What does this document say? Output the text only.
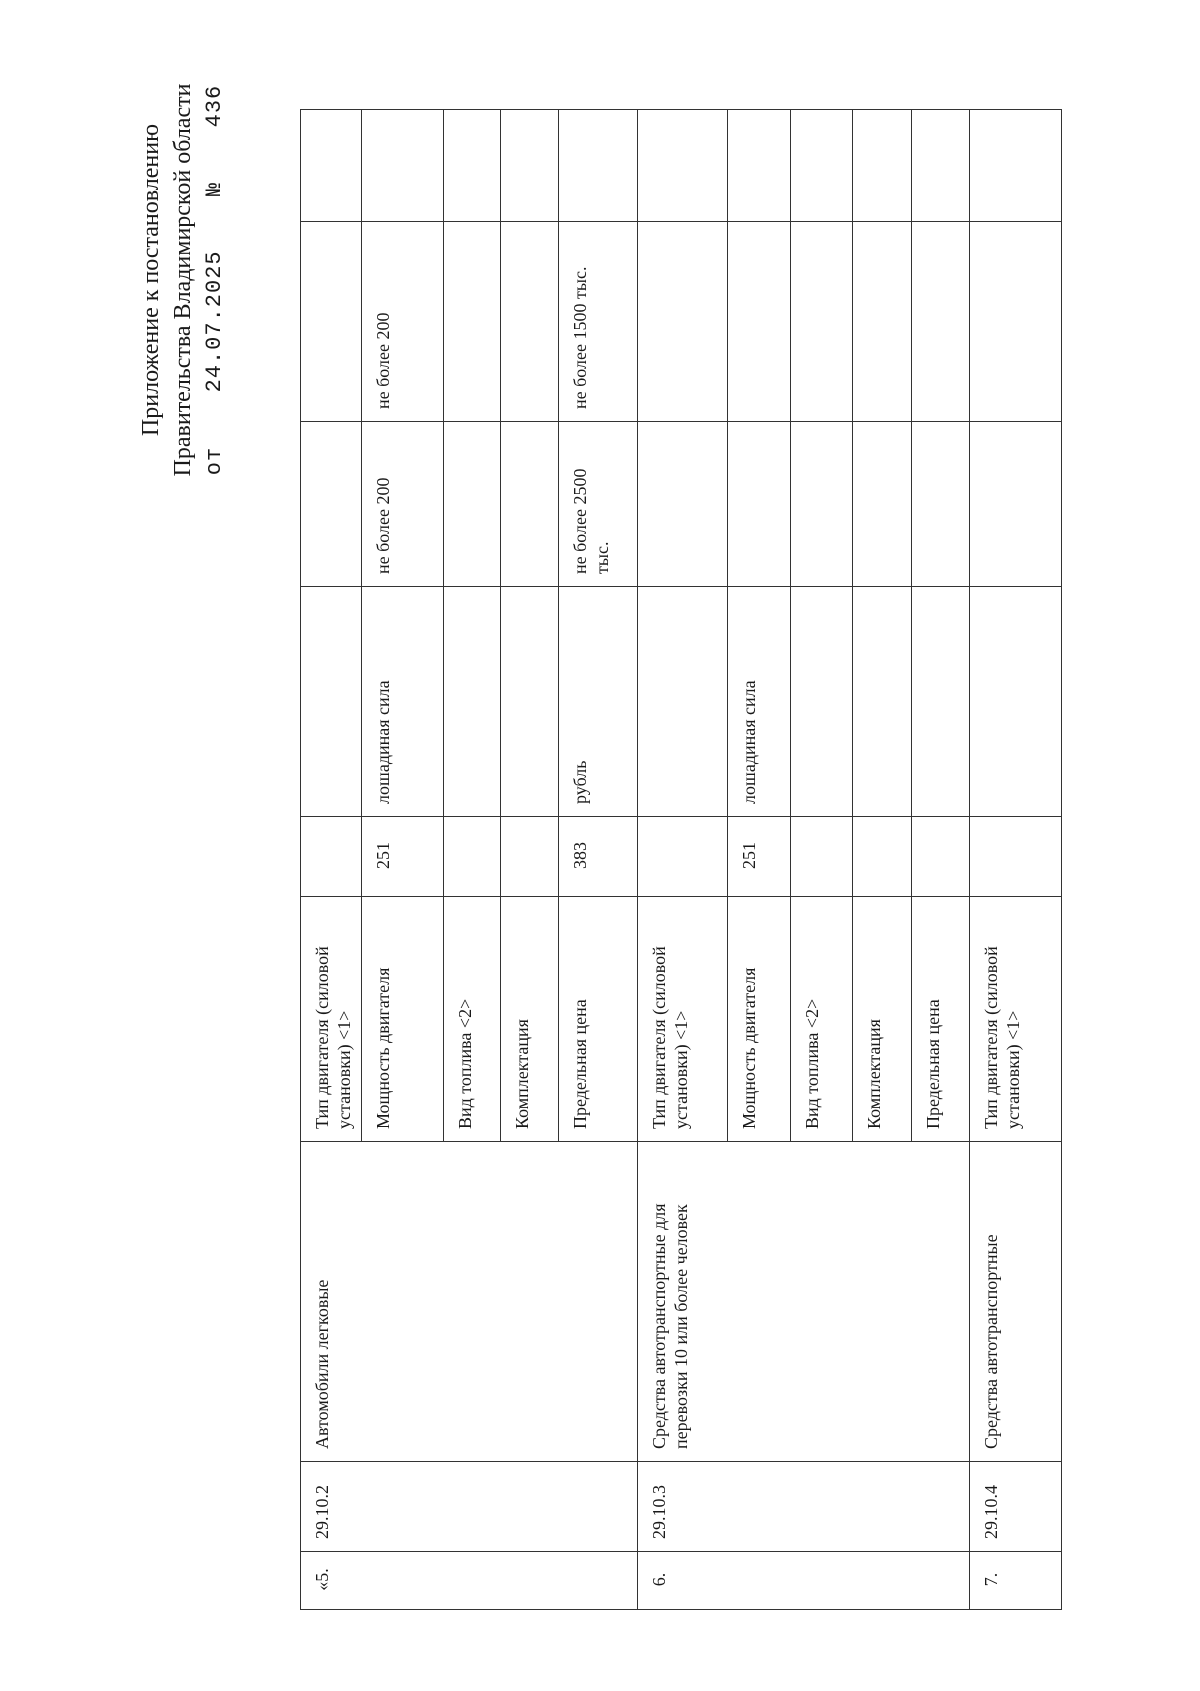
Приложение к постановлению Правительства Владимирской области от  24.07.2025  №  436
«5.	29.10.2	Автомобили легковые	Тип двигателя (силовой установки) <1>					
			Мощность двигателя	251	лошадиная сила	не более 200	не более 200	
			Вид топлива <2>					
			Комплектация					
			Предельная цена	383	рубль	не более 2500 тыс.	не более 1500 тыс.	
6.	29.10.3	Средства автотранспортные для перевозки 10 или более человек	Тип двигателя (силовой установки) <1>					
			Мощность двигателя	251	лошадиная сила			
			Вид топлива <2>					
			Комплектация					
			Предельная цена					
7.	29.10.4	Средства автотранспортные	Тип двигателя (силовой установки) <1>					
